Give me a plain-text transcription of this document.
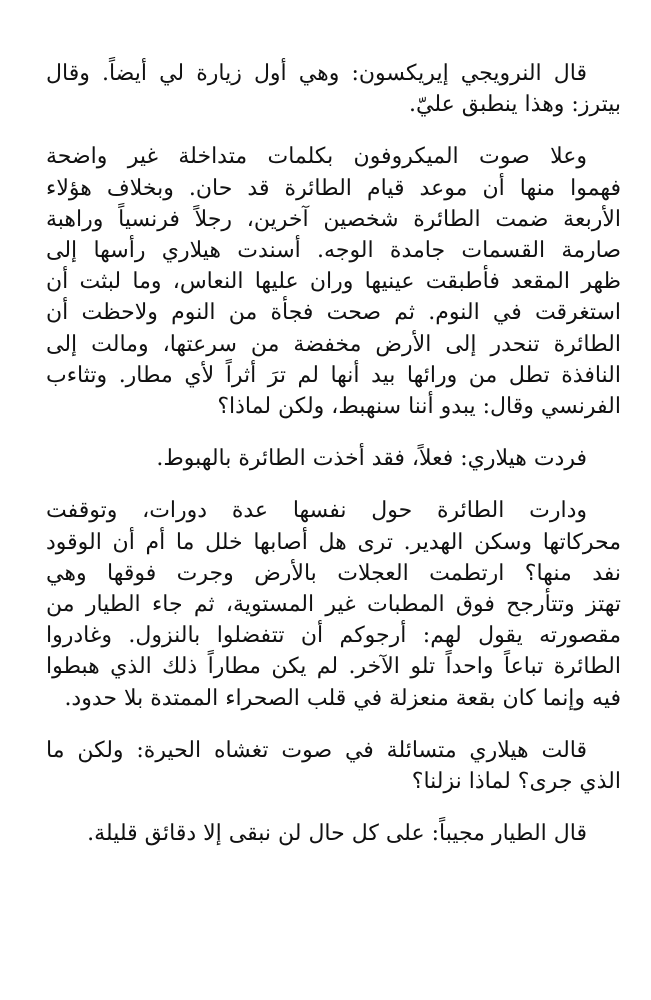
قال النرويجي إيريكسون: وهي أول زيارة لي أيضاً. وقال
بيترز: وهذا ينطبق عليّ.
وعلا صوت الميكروفون بكلمات متداخلة غير واضحة
فهموا منها أن موعد قيام الطائرة قد حان. وبخلاف هؤلاء
الأربعة ضمت الطائرة شخصين آخرين، رجلاً فرنسياً وراهبة
صارمة القسمات جامدة الوجه. أسندت هيلاري رأسها إلى
ظهر المقعد فأطبقت عينيها وران عليها النعاس، وما لبثت أن
استغرقت في النوم. ثم صحت فجأة من النوم ولاحظت أن
الطائرة تنحدر إلى الأرض مخفضة من سرعتها، ومالت إلى
النافذة تطل من ورائها بيد أنها لم ترَ أثراً لأي مطار. وتثاءب
الفرنسي وقال: يبدو أننا سنهبط، ولكن لماذا؟
فردت هيلاري: فعلاً، فقد أخذت الطائرة بالهبوط.
ودارت الطائرة حول نفسها عدة دورات، وتوقفت
محركاتها وسكن الهدير. ترى هل أصابها خلل ما أم أن الوقود
نفد منها؟ ارتطمت العجلات بالأرض وجرت فوقها وهي
تهتز وتتأرجح فوق المطبات غير المستوية، ثم جاء الطيار من
مقصورته يقول لهم: أرجوكم أن تتفضلوا بالنزول. وغادروا
الطائرة تباعاً واحداً تلو الآخر. لم يكن مطاراً ذلك الذي هبطوا
فيه وإنما كان بقعة منعزلة في قلب الصحراء الممتدة بلا حدود.
قالت هيلاري متسائلة في صوت تغشاه الحيرة: ولكن ما
الذي جرى؟ لماذا نزلنا؟
قال الطيار مجيباً: على كل حال لن نبقى إلا دقائق قليلة.
